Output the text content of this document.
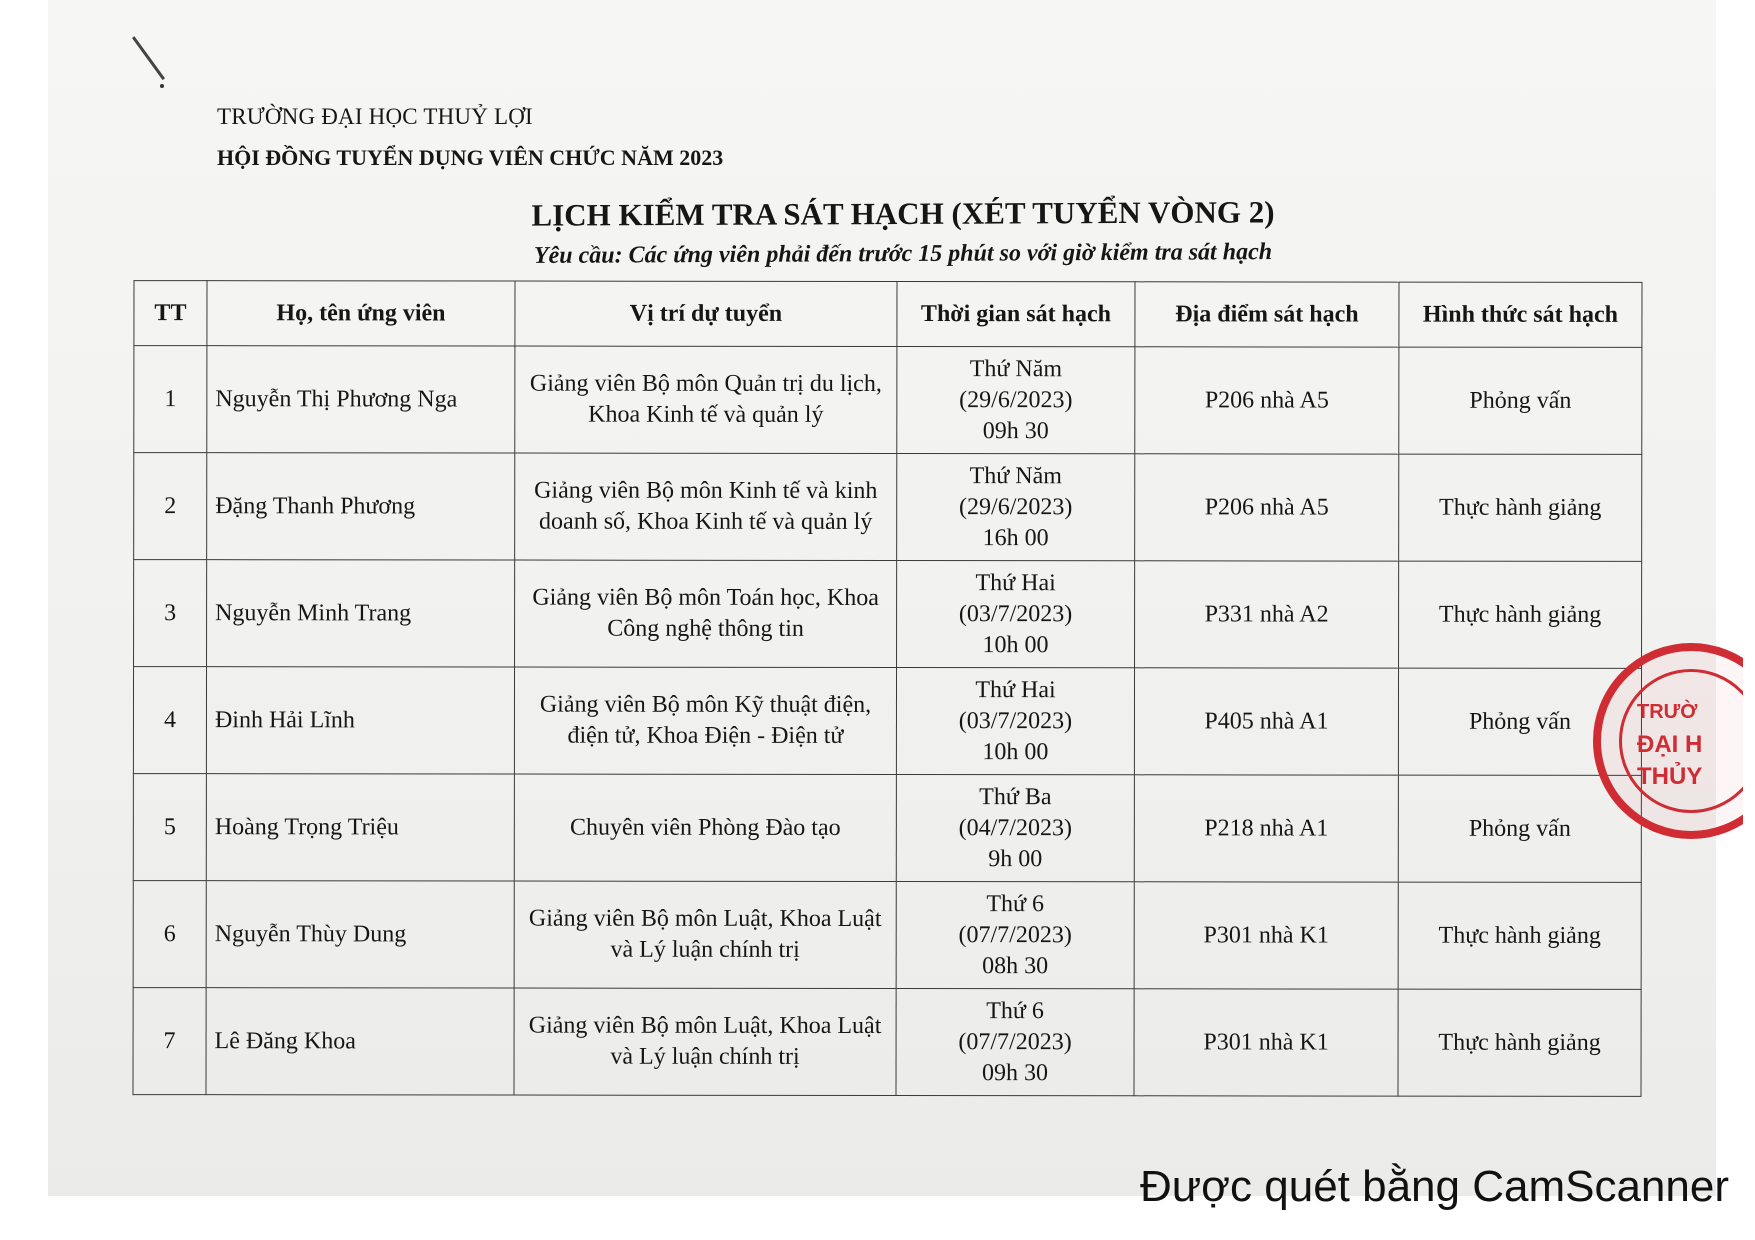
TRƯỜNG ĐẠI HỌC THUỶ LỢI
HỘI ĐỒNG TUYỂN DỤNG VIÊN CHỨC NĂM 2023
LỊCH KIỂM TRA SÁT HẠCH (XÉT TUYỂN VÒNG 2)
Yêu cầu: Các ứng viên phải đến trước 15 phút so với giờ kiểm tra sát hạch
TT	Họ, tên ứng viên	Vị trí dự tuyển	Thời gian sát hạch	Địa điểm sát hạch	Hình thức sát hạch
1	Nguyễn Thị Phương Nga	Giảng viên Bộ môn Quản trị du lịch, Khoa Kinh tế và quản lý	Thứ Năm
(29/6/2023)
09h 30	P206 nhà A5	Phỏng vấn
2	Đặng Thanh Phương	Giảng viên Bộ môn Kinh tế và kinh doanh số, Khoa Kinh tế và quản lý	Thứ Năm
(29/6/2023)
16h 00	P206 nhà A5	Thực hành giảng
3	Nguyễn Minh Trang	Giảng viên Bộ môn Toán học, Khoa Công nghệ thông tin	Thứ Hai
(03/7/2023)
10h 00	P331 nhà A2	Thực hành giảng
4	Đinh Hải Lĩnh	Giảng viên Bộ môn Kỹ thuật điện, điện tử, Khoa Điện - Điện tử	Thứ Hai
(03/7/2023)
10h 00	P405 nhà A1	Phỏng vấn
5	Hoàng Trọng Triệu	Chuyên viên Phòng Đào tạo	Thứ Ba
(04/7/2023)
9h 00	P218 nhà A1	Phỏng vấn
6	Nguyễn Thùy Dung	Giảng viên Bộ môn Luật, Khoa Luật và Lý luận chính trị	Thứ 6
(07/7/2023)
08h 30	P301 nhà K1	Thực hành giảng
7	Lê Đăng Khoa	Giảng viên Bộ môn Luật, Khoa Luật và Lý luận chính trị	Thứ 6
(07/7/2023)
09h 30	P301 nhà K1	Thực hành giảng
TRƯỜ
ĐẠI H
THỦY
Được quét bằng CamScanner
